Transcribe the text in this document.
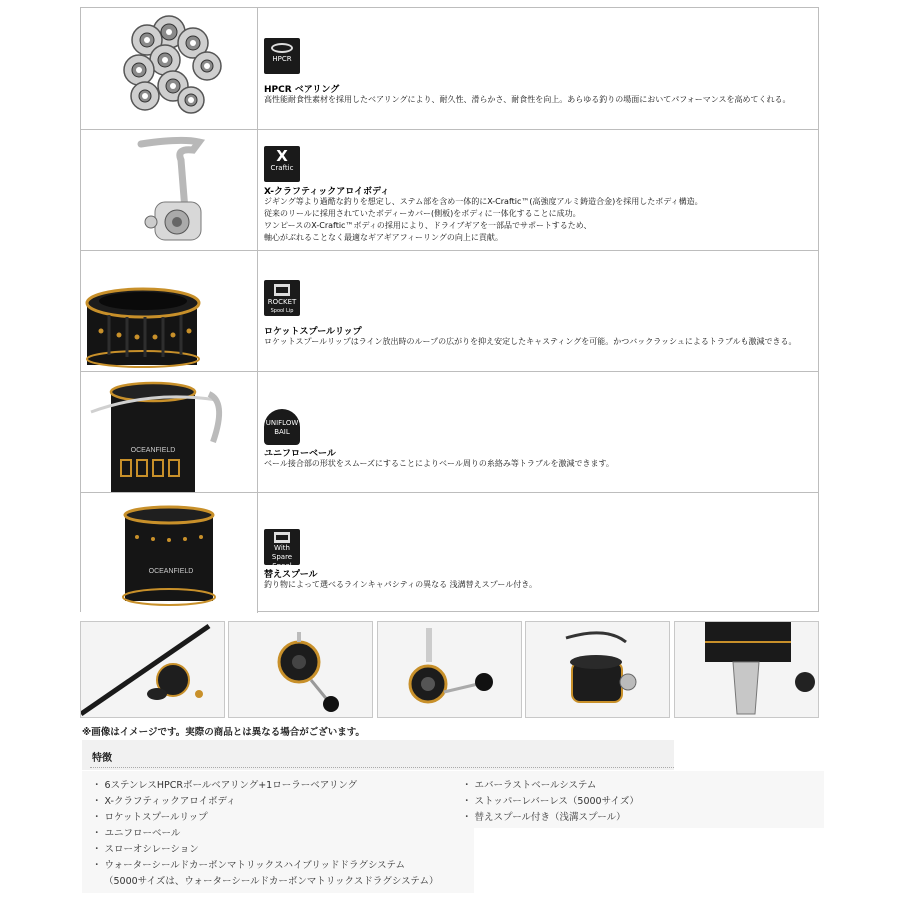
HPCR
HPCR ベアリング
高性能耐食性素材を採用したベアリングにより、耐久性、滑らかさ、耐食性を向上。あらゆる釣りの場面においてパフォーマンスを高めてくれる。
X
Craftic
X-クラフティックアロイボディ
ジギング等より過酷な釣りを想定し、ステム部を含め一体的にX-Craftic™(高強度アルミ鋳造合金)を採用したボディ構造。
従来のリールに採用されていたボディーカバー(側板)をボディに一体化することに成功。
ワンピースのX-Craftic™ボディの採用により、ドライブギアを一部品でサポートするため、
軸心がぶれることなく最適なギアギアフィーリングの向上に貢献。
ROCKET
Spool Lip
ロケットスプールリップ
ロケットスプールリップはライン放出時のループの広がりを抑え安定したキャスティングを可能。かつバックラッシュによるトラブルも激減できる。
OCEANFIELD
UNIFLOW
BAIL
ユニフローベール
ベール接合部の形状をスムーズにすることによりベール周りの糸絡み等トラブルを激減できます。
OCEANFIELD
With
Spare Spool
替えスプール
釣り物によって選べるラインキャパシティの異なる 浅溝替えスプール付き。
※画像はイメージです。実際の商品とは異なる場合がございます。
特徴
・ 6ステンレスHPCRボールベアリング+1ローラーベアリング
・ X-クラフティックアロイボディ
・ ロケットスプールリップ
・ ユニフローベール
・ スローオシレーション
・ ウォーターシールドカーボンマトリックスハイブリッドドラグシステム
（5000サイズは、ウォーターシールドカーボンマトリックスドラグシステム）
・ エバーラストベールシステム
・ ストッパーレバーレス（5000サイズ）
・ 替えスプール付き（浅溝スプール）
